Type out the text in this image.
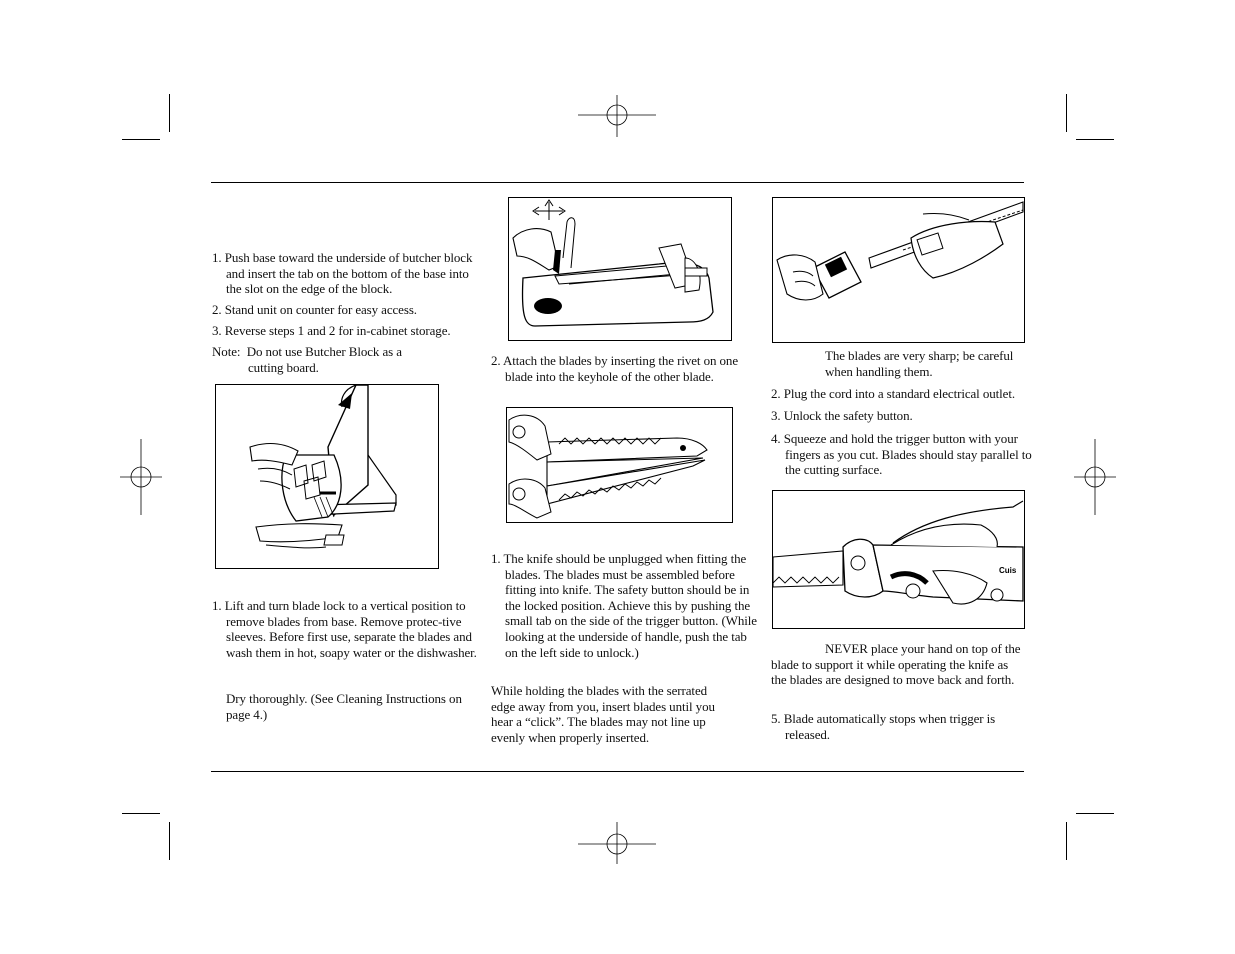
1. Push base toward the underside of butcher block and insert the tab on the bottom of the base into the slot on the edge of the block.
2. Stand unit on counter for easy access.
3. Reverse steps 1 and 2 for in-cabinet storage.
Note: Do not use Butcher Block as a
cutting board.
1. Lift and turn blade lock to a vertical position to remove blades from base. Remove protec-tive sleeves. Before first use, separate the blades and wash them in hot, soapy water or the dishwasher.
Dry thoroughly. (See Cleaning Instructions on page 4.)
2. Attach the blades by inserting the rivet on one blade into the keyhole of the other blade.
1. The knife should be unplugged when fitting the blades. The blades must be assembled before fitting into knife. The safety button should be in the locked position. Achieve this by pushing the small tab on the side of the trigger button. (While looking at the underside of handle, push the tab on the left side to unlock.)
While holding the blades with the serrated edge away from you, insert blades until you hear a “click”. The blades may not line up evenly when properly inserted.
The blades are very sharp; be careful when handling them.
2. Plug the cord into a standard electrical outlet.
3. Unlock the safety button.
4. Squeeze and hold the trigger button with your fingers as you cut. Blades should stay parallel to the cutting surface.
Cuis
NEVER place your hand on top of the blade to support it while operating the knife as the blades are designed to move back and forth.
5. Blade automatically stops when trigger is released.
